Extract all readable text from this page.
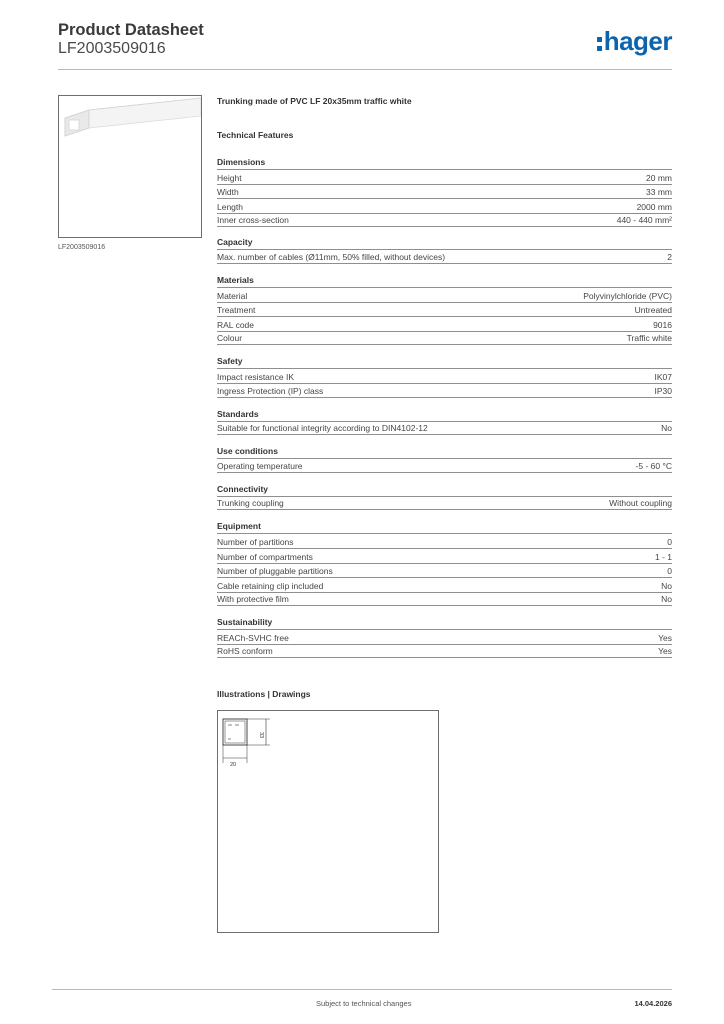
Product Datasheet
LF2003509016	hager
LF2003509016
Trunking made of PVC LF 20x35mm traffic white
Technical Features
Dimensions
Height	20 mm
Width	33 mm
Length	2000 mm
Inner cross-section	440 - 440 mm²
Capacity
Max. number of cables (Ø11mm, 50% filled, without devices)	2
Materials
Material	Polyvinylchloride (PVC)
Treatment	Untreated
RAL code	9016
Colour	Traffic white
Safety
Impact resistance IK	IK07
Ingress Protection (IP) class	IP30
Standards
Suitable for functional integrity according to DIN4102-12	No
Use conditions
Operating temperature	-5 - 60 °C
Connectivity
Trunking coupling	Without coupling
Equipment
Number of partitions	0
Number of compartments	1 - 1
Number of pluggable partitions	0
Cable retaining clip included	No
With protective film	No
Sustainability
REACh-SVHC free	Yes
RoHS conform	Yes
Illustrations | Drawings
33
20
Subject to technical changes	14.04.2026
